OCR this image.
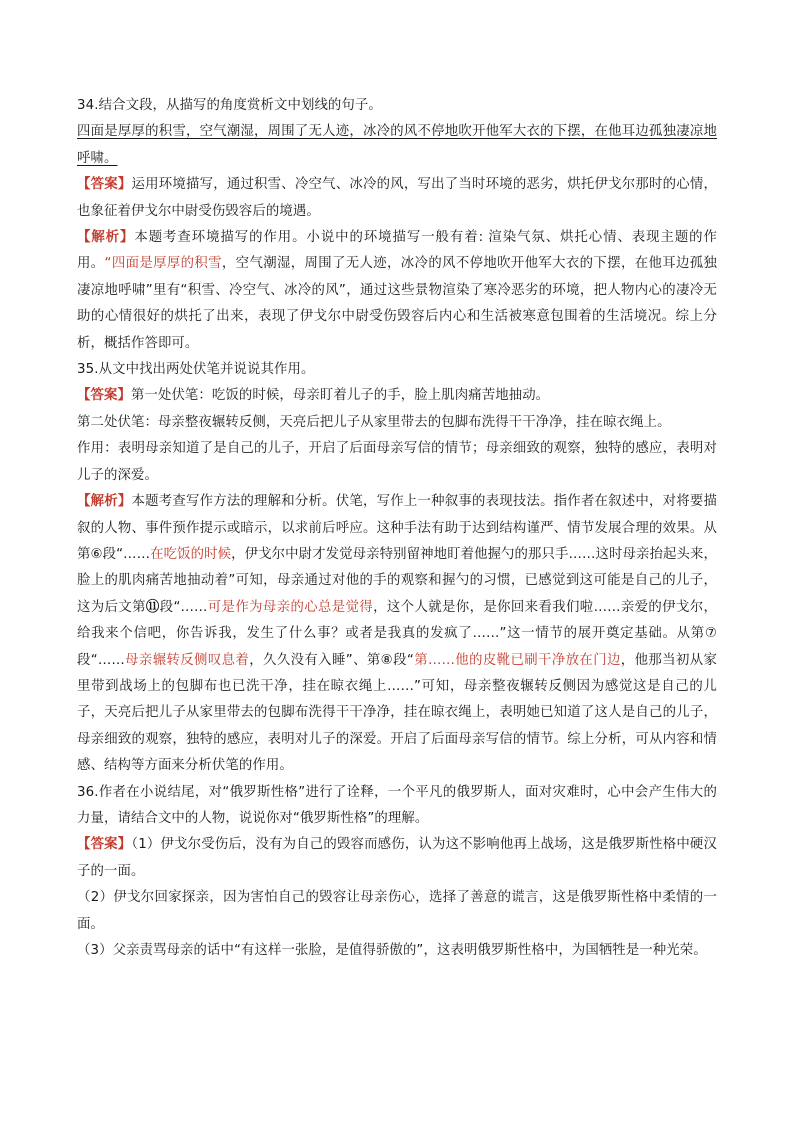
34.结合文段，从描写的角度赏析文中划线的句子。

四面是厚厚的积雪，空气潮湿，周围了无人迹，冰冷的风不停地吹开他军大衣的下摆，在他耳边孤独凄凉地呼啸。

【答案】运用环境描写，通过积雪、冷空气、冰冷的风，写出了当时环境的恶劣，烘托伊戈尔那时的心情，也象征着伊戈尔中尉受伤毁容后的境遇。

【解析】本题考查环境描写的作用。小说中的环境描写一般有着: 渲染气氛、烘托心情、表现主题的作用。“四面是厚厚的积雪，空气潮湿，周围了无人迹，冰冷的风不停地吹开他军大衣的下摆，在他耳边孤独凄凉地呼啸”里有“积雪、冷空气、冰冷的风”，通过这些景物渲染了寒冷恶劣的环境，把人物内心的凄冷无助的心情很好的烘托了出来，表现了伊戈尔中尉受伤毁容后内心和生活被寒意包围着的生活境况。综上分析，概括作答即可。

35.从文中找出两处伏笔并说说其作用。

【答案】第一处伏笔：吃饭的时候，母亲盯着儿子的手，脸上肌肉痛苦地抽动。

第二处伏笔：母亲整夜辗转反侧，天亮后把儿子从家里带去的包脚布洗得干干净净，挂在晾衣绳上。

作用：表明母亲知道了是自己的儿子，开启了后面母亲写信的情节；母亲细致的观察，独特的感应，表明对儿子的深爱。

【解析】本题考查写作方法的理解和分析。伏笔，写作上一种叙事的表现技法。指作者在叙述中，对将要描叙的人物、事件预作提示或暗示，以求前后呼应。这种手法有助于达到结构谨严、情节发展合理的效果。从第⑥段“……在吃饭的时候，伊戈尔中尉才发觉母亲特别留神地盯着他握勺的那只手……这时母亲抬起头来，脸上的肌肉痛苦地抽动着”可知，母亲通过对他的手的观察和握勺的习惯，已感觉到这可能是自己的儿子，这为后文第⑪段“……可是作为母亲的心总是觉得，这个人就是你，是你回来看我们啦……亲爱的伊戈尔，给我来个信吧，你告诉我，发生了什么事？或者是我真的发疯了……”这一情节的展开奠定基础。从第⑦段“……母亲辗转反侧叹息着，久久没有入睡”、第⑧段“第……他的皮靴已刷干净放在门边，他那当初从家里带到战场上的包脚布也已洗干净，挂在晾衣绳上……”可知，母亲整夜辗转反侧因为感觉这是自己的儿子，天亮后把儿子从家里带去的包脚布洗得干干净净，挂在晾衣绳上，表明她已知道了这人是自己的儿子，母亲细致的观察，独特的感应，表明对儿子的深爱。开启了后面母亲写信的情节。综上分析，可从内容和情感、结构等方面来分析伏笔的作用。

36.作者在小说结尾，对“俄罗斯性格”进行了诠释，一个平凡的俄罗斯人，面对灾难时，心中会产生伟大的力量，请结合文中的人物，说说你对“俄罗斯性格”的理解。

【答案】（1）伊戈尔受伤后，没有为自己的毁容而感伤，认为这不影响他再上战场，这是俄罗斯性格中硬汉子的一面。

（2）伊戈尔回家探亲，因为害怕自己的毁容让母亲伤心，选择了善意的谎言，这是俄罗斯性格中柔情的一面。

（3）父亲责骂母亲的话中“有这样一张脸，是值得骄傲的”，这表明俄罗斯性格中，为国牺牲是一种光荣。
